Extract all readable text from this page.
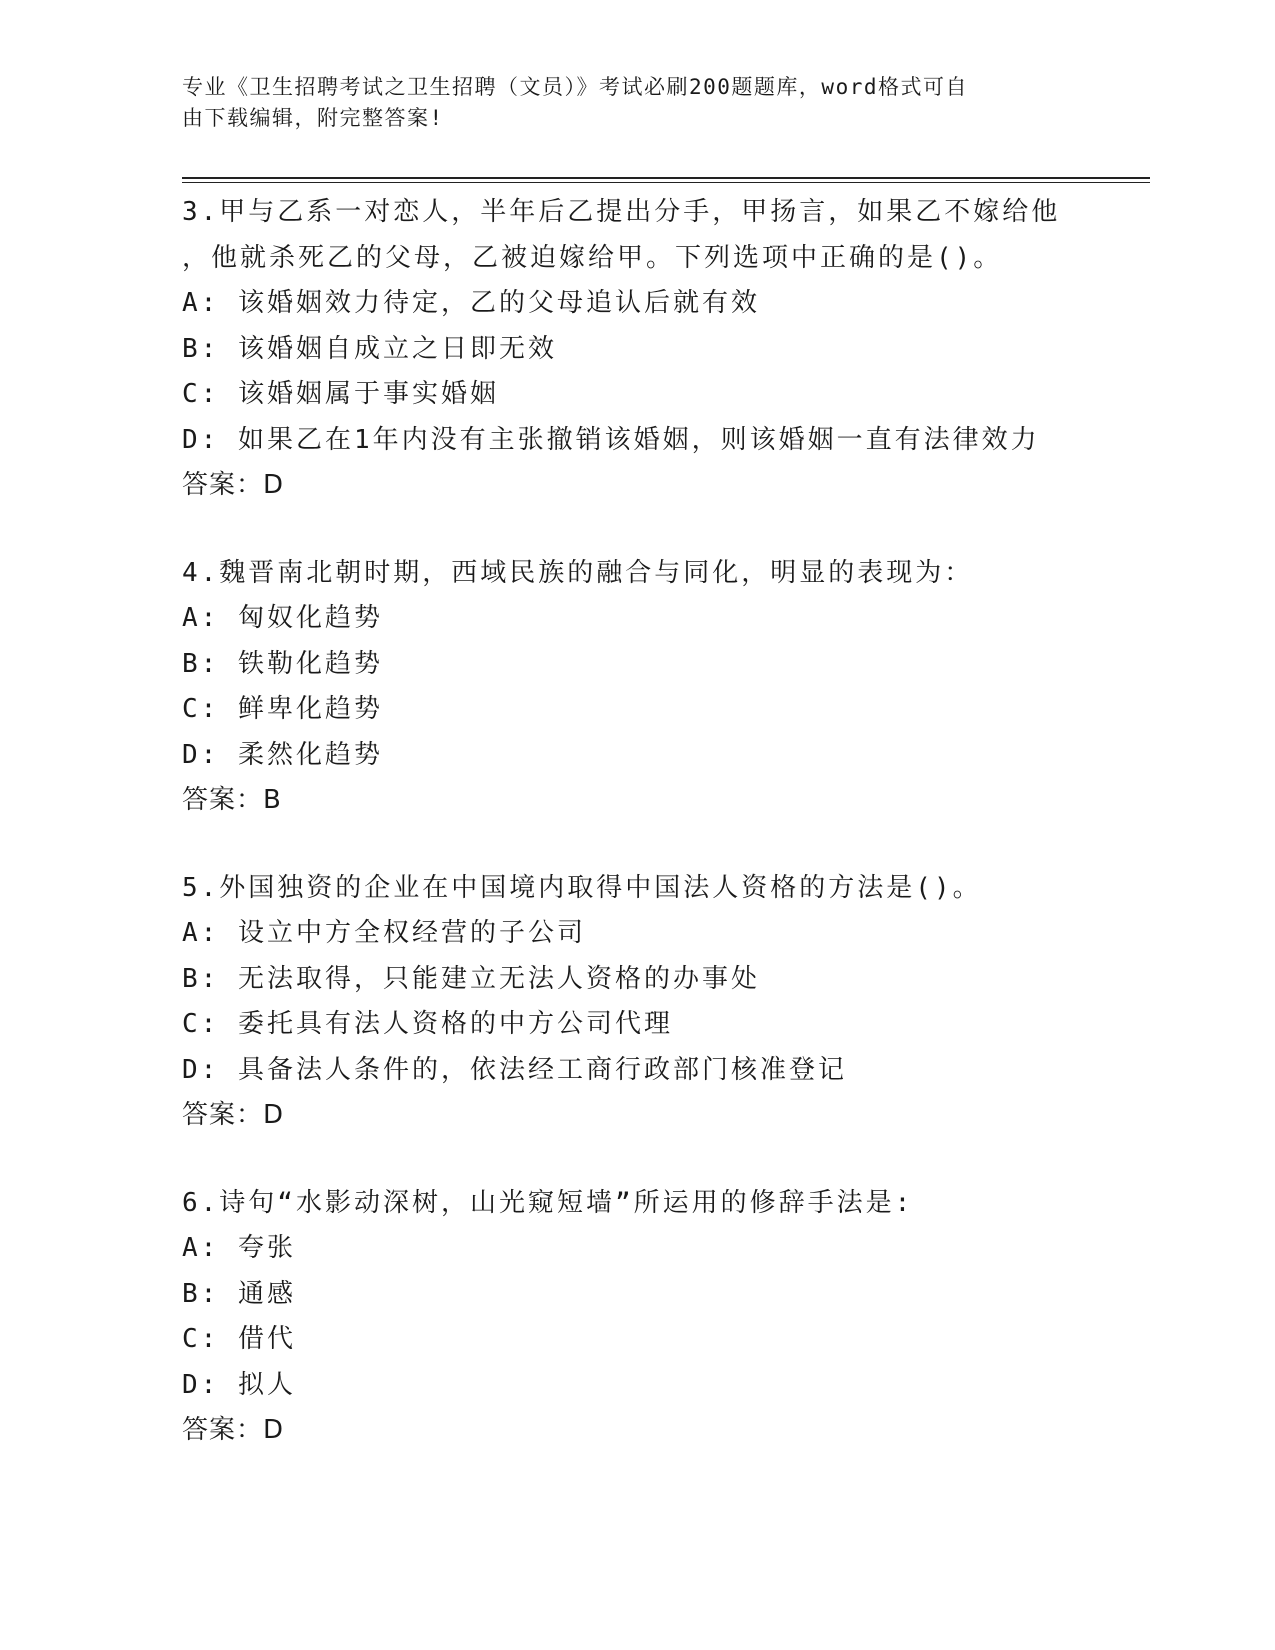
专业《卫生招聘考试之卫生招聘（文员）》考试必刷200题题库，word格式可自
由下载编辑，附完整答案!
3.甲与乙系一对恋人，半年后乙提出分手，甲扬言，如果乙不嫁给他
，他就杀死乙的父母，乙被迫嫁给甲。下列选项中正确的是()。
A: 该婚姻效力待定，乙的父母追认后就有效
B: 该婚姻自成立之日即无效
C: 该婚姻属于事实婚姻
D: 如果乙在1年内没有主张撤销该婚姻，则该婚姻一直有法律效力
答案：D
4.魏晋南北朝时期，西域民族的融合与同化，明显的表现为：
A: 匈奴化趋势
B: 铁勒化趋势
C: 鲜卑化趋势
D: 柔然化趋势
答案：B
5.外国独资的企业在中国境内取得中国法人资格的方法是()。
A: 设立中方全权经营的子公司
B: 无法取得，只能建立无法人资格的办事处
C: 委托具有法人资格的中方公司代理
D: 具备法人条件的，依法经工商行政部门核准登记
答案：D
6.诗句“水影动深树，山光窥短墙”所运用的修辞手法是:
A: 夸张
B: 通感
C: 借代
D: 拟人
答案：D
